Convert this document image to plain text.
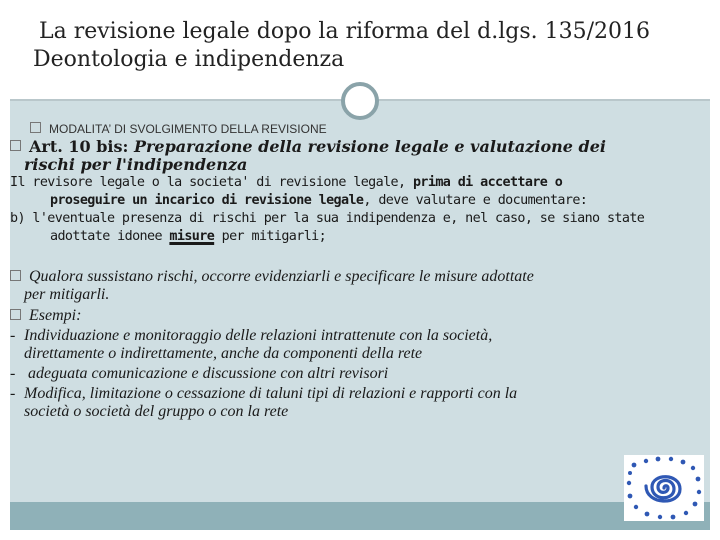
La revisione legale dopo la riforma del d.lgs. 135/2016
Deontologia e indipendenza

MODALITA’ DI SVOLGIMENTO DELLA REVISIONE

Art. 10 bis: Preparazione della revisione legale e valutazione dei
rischi per l'indipendenza

Il revisore legale o la societa' di revisione legale, prima di accettare o
proseguire un incarico di revisione legale, deve valutare e documentare:

b) l'eventuale presenza di rischi per la sua indipendenza e, nel caso, se siano state
adottate idonee misure per mitigarli;

Qualora sussistano rischi, occorre evidenziarli e specificare le misure adottate
per mitigarli.

Esempi:

- Individuazione e monitoraggio delle relazioni intrattenute con la società,
direttamente o indirettamente, anche da componenti della rete

- adeguata comunicazione e discussione con altri revisori

- Modifica, limitazione o cessazione di taluni tipi di relazioni e rapporti con la
società o società del gruppo o con la rete
